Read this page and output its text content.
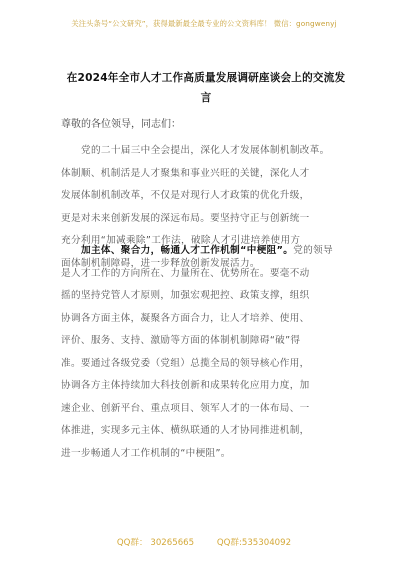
关注头条号“公文研究”，获得最新最全最专业的公文资料库！ 微信：gongwenyj
在2024年全市人才工作高质量发展调研座谈会上的交流发
言
尊敬的各位领导，同志们：
党的二十届三中全会提出，深化人才发展体制机制改革。
体制顺、机制活是人才聚集和事业兴旺的关键，深化人才
发展体制机制改革，不仅是对现行人才政策的优化升级，
更是对未来创新发展的深远布局。要坚持守正与创新统一
充分利用“加减乘除”工作法，破除人才引进培养使用方
面体制机制障碍，进一步释放创新发展活力。
加主体、聚合力，畅通人才工作机制“中梗阻”。党的领导
是人才工作的方向所在、力量所在、优势所在。要毫不动
摇的坚持党管人才原则，加强宏观把控、政策支撑，组织
协调各方面主体，凝聚各方面合力，让人才培养、使用、
评价、服务、支持、激励等方面的体制机制障碍“破”得
准。要通过各级党委（党组）总揽全局的领导核心作用，
协调各方主体持续加大科技创新和成果转化应用力度，加
速企业、创新平台、重点项目、领军人才的一体布局、一
体推进，实现多元主体、横纵联通的人才协同推进机制，
进一步畅通人才工作机制的“中梗阻”。
QQ群： 30265665	QQ群:535304092
